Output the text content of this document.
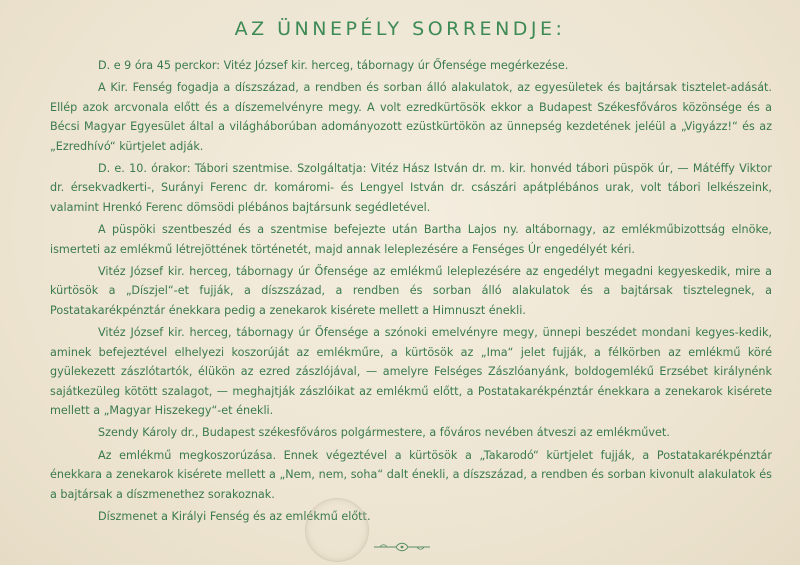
AZ ÜNNEPÉLY SORRENDJE:

D. e 9 óra 45 perckor: Vitéz József kir. herceg, tábornagy úr Őfensége megérkezése.

A Kir. Fenség fogadja a díszszázad, a rendben és sorban álló alakulatok, az egyesületek és bajtársak tisztelet-adását. Ellép azok arcvonala előtt és a díszemelvényre megy. A volt ezredkürtösök ekkor a Budapest Székesfőváros közönsége és a Bécsi Magyar Egyesület által a világháborúban adományozott ezüstkürtökön az ünnepség kezdetének jeléül a „Vigyázz!“ és az „Ezredhívó“ kürtjelet adják.

D. e. 10. órakor: Tábori szentmise. Szolgáltatja: Vitéz Hász István dr. m. kir. honvéd tábori püspök úr, — Mátéffy Viktor dr. érsekvadkerti-, Surányi Ferenc dr. komáromi- és Lengyel István dr. császári apátplébános urak, volt tábori lelkészeink, valamint Hrenkó Ferenc dömsödi plébános bajtársunk segédletével.

A püspöki szentbeszéd és a szentmise befejezte után Bartha Lajos ny. altábornagy, az emlékműbizottság elnöke, ismerteti az emlékmű létrejöttének történetét, majd annak leleplezésére a Fenséges Úr engedélyét kéri.

Vitéz József kir. herceg, tábornagy úr Őfensége az emlékmű leleplezésére az engedélyt megadni kegyeskedik, mire a kürtösök a „Díszjel“-et fujják, a díszszázad, a rendben és sorban álló alakulatok és a bajtársak tisztelegnek, a Postatakarékpénztár énekkara pedig a zenekarok kisérete mellett a Himnuszt énekli.

Vitéz József kir. herceg, tábornagy úr Őfensége a szónoki emelvényre megy, ünnepi beszédet mondani kegyes-kedik, aminek befejeztével elhelyezi koszorúját az emlékműre, a kürtösök az „Ima“ jelet fujják, a félkörben az emlékmű köré gyülekezett zászlótartók, élükön az ezred zászlójával, — amelyre Felséges Zászlóanyánk, boldogemlékű Erzsébet királynénk sajátkezüleg kötött szalagot, — meghajtják zászlóikat az emlékmű előtt, a Postatakarékpénztár énekkara a zenekarok kisérete mellett a „Magyar Hiszekegy“-et énekli.

Szendy Károly dr., Budapest székesfőváros polgármestere, a főváros nevében átveszi az emlékművet.

Az emlékmű megkoszorúzása. Ennek végeztével a kürtösök a „Takarodó“ kürtjelet fujják, a Postatakarékpénztár énekkara a zenekarok kisérete mellett a „Nem, nem, soha“ dalt énekli, a díszszázad, a rendben és sorban kivonult alakulatok és a bajtársak a díszmenethez sorakoznak.

Díszmenet a Királyi Fenség és az emlékmű előtt.
